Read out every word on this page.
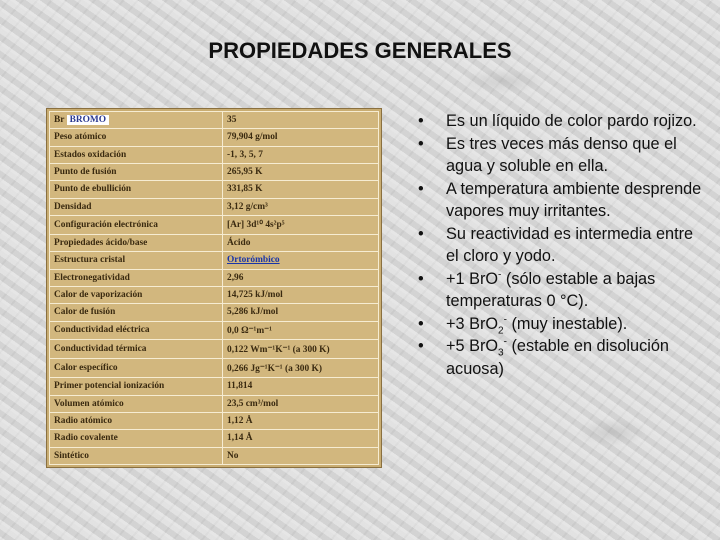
PROPIEDADES GENERALES
Br BROMO	35
Peso atómico	79,904 g/mol
Estados oxidación	-1, 3, 5, 7
Punto de fusión	265,95 K
Punto de ebullición	331,85 K
Densidad	3,12 g/cm³
Configuración electrónica	[Ar] 3d¹⁰ 4s²p⁵
Propiedades ácido/base	Ácido
Estructura cristal	Ortorómbico
Electronegatividad	2,96
Calor de vaporización	14,725 kJ/mol
Calor de fusión	5,286 kJ/mol
Conductividad eléctrica	0,0 Ω⁻¹m⁻¹
Conductividad térmica	0,122 Wm⁻¹K⁻¹ (a 300 K)
Calor específico	0,266 Jg⁻¹K⁻¹ (a 300 K)
Primer potencial ionización	11,814
Volumen atómico	23,5 cm³/mol
Radio atómico	1,12 Å
Radio covalente	1,14 Å
Sintético	No
• Es un líquido de color pardo rojizo.
• Es tres veces más denso que el agua y soluble en ella.
• A temperatura ambiente desprende vapores muy irritantes.
• Su reactividad es intermedia entre el cloro y yodo.
• +1 BrO- (sólo estable a bajas temperaturas 0 °C).
• +3 BrO$_2$- (muy inestable).
• +5 BrO$_3$- (estable en disolución acuosa)
